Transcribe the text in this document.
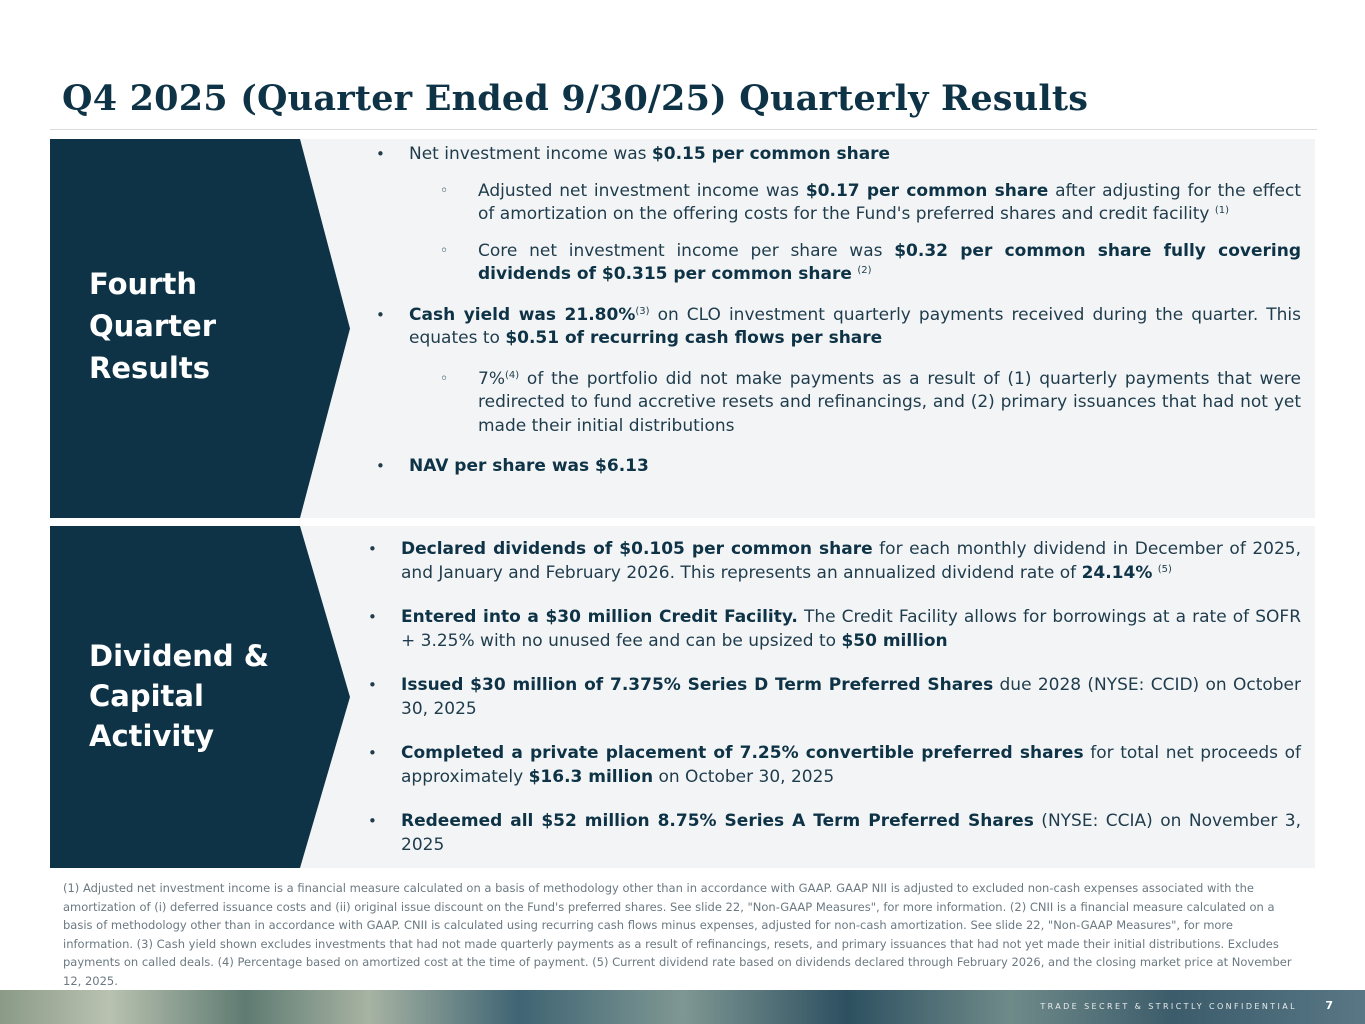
Q4 2025 (Quarter Ended 9/30/25) Quarterly Results
Fourth
Quarter
Results
• Net investment income was $0.15 per common share
◦ Adjusted net investment income was $0.17 per common share after adjusting for the effect of amortization on the offering costs for the Fund's preferred shares and credit facility $^{(1)}$
◦ Core net investment income per share was $0.32 per common share fully covering dividends of $0.315 per common share $^{(2)}$
• Cash yield was 21.80%$^{(3)}$ on CLO investment quarterly payments received during the quarter. This equates to $0.51 of recurring cash flows per share
◦ 7%$^{(4)}$ of the portfolio did not make payments as a result of (1) quarterly payments that were redirected to fund accretive resets and refinancings, and (2) primary issuances that had not yet made their initial distributions
• NAV per share was $6.13
Dividend &
Capital
Activity
• Declared dividends of $0.105 per common share for each monthly dividend in December of 2025, and January and February 2026. This represents an annualized dividend rate of 24.14% $^{(5)}$
• Entered into a $30 million Credit Facility. The Credit Facility allows for borrowings at a rate of SOFR + 3.25% with no unused fee and can be upsized to $50 million
• Issued $30 million of 7.375% Series D Term Preferred Shares due 2028 (NYSE: CCID) on October 30, 2025
• Completed a private placement of 7.25% convertible preferred shares for total net proceeds of approximately $16.3 million on October 30, 2025
• Redeemed all $52 million 8.75% Series A Term Preferred Shares (NYSE: CCIA) on November 3, 2025

(1) Adjusted net investment income is a financial measure calculated on a basis of methodology other than in accordance with GAAP. GAAP NII is adjusted to excluded non-cash expenses associated with the amortization of (i) deferred issuance costs and (ii) original issue discount on the Fund's preferred shares. See slide 22, "Non-GAAP Measures", for more information. (2) CNII is a financial measure calculated on a basis of methodology other than in accordance with GAAP. CNII is calculated using recurring cash flows minus expenses, adjusted for non-cash amortization. See slide 22, "Non-GAAP Measures", for more information. (3) Cash yield shown excludes investments that had not made quarterly payments as a result of refinancings, resets, and primary issuances that had not yet made their initial distributions. Excludes payments on called deals. (4) Percentage based on amortized cost at the time of payment. (5) Current dividend rate based on dividends declared through February 2026, and the closing market price at November 12, 2025.

TRADE SECRET & STRICTLY CONFIDENTIAL	7
